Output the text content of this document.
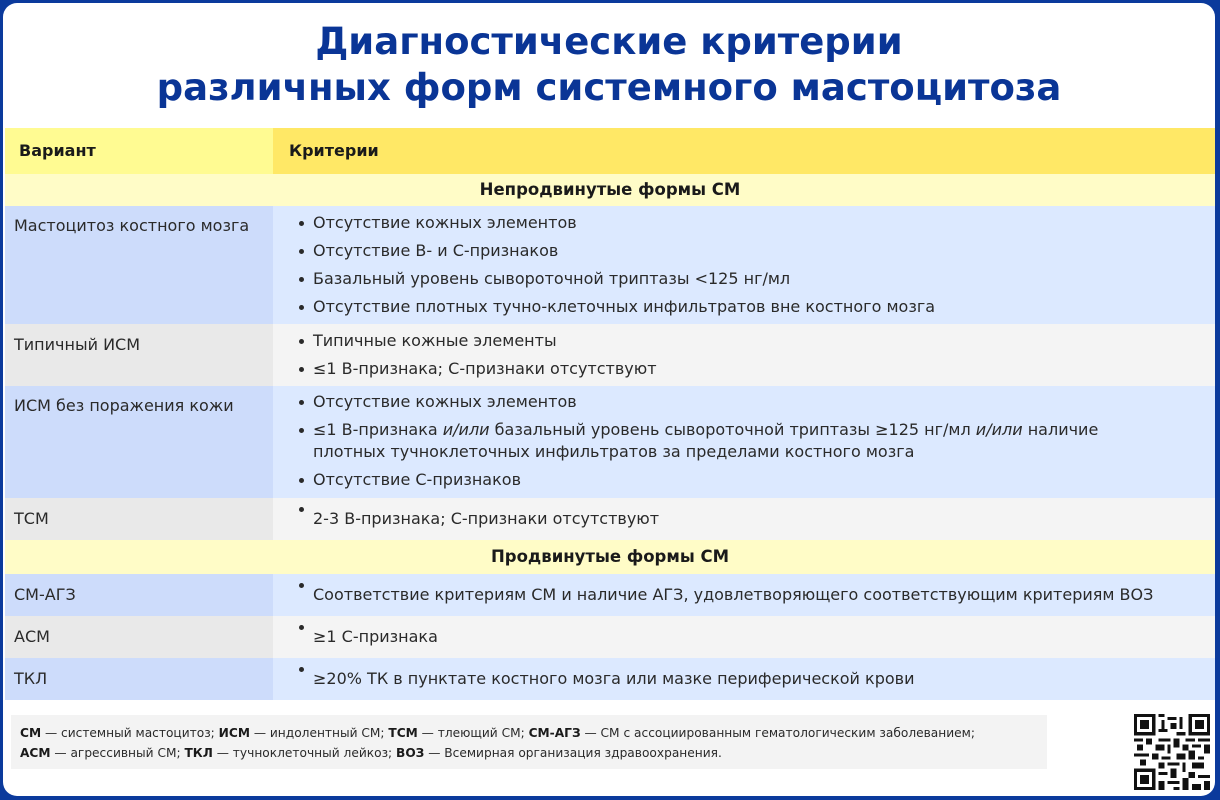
Диагностические критерии
различных форм системного мастоцитоза
Вариант	Критерии
Непродвинутые формы СМ
Мастоцитоз костного мозга	Отсутствие кожных элементов
Отсутствие В- и С-признаков
Базальный уровень сывороточной триптазы <125 нг/мл
Отсутствие плотных тучно-клеточных инфильтратов вне костного мозга
Типичный ИСМ	Типичные кожные элементы
≤1 В-признака; С-признаки отсутствуют
ИСМ без поражения кожи	Отсутствие кожных элементов
≤1 В-признака и/или базальный уровень сывороточной триптазы ≥125 нг/мл и/или наличие плотных тучноклеточных инфильтратов за пределами костного мозга
Отсутствие С-признаков
ТСМ	2-3 В-признака; С-признаки отсутствуют
Продвинутые формы СМ
СМ-АГЗ	Соответствие критериям СМ и наличие АГЗ, удовлетворяющего соответствующим критериям ВОЗ
АСМ	≥1 С-признака
ТКЛ	≥20% ТК в пунктате костного мозга или мазке периферической крови
СМ — системный мастоцитоз; ИСМ — индолентный СМ; ТСМ — тлеющий СМ; СМ-АГЗ — СМ с ассоциированным гематологическим заболеванием;
АСМ — агрессивный СМ; ТКЛ — тучноклеточный лейкоз; ВОЗ — Всемирная организация здравоохранения.
